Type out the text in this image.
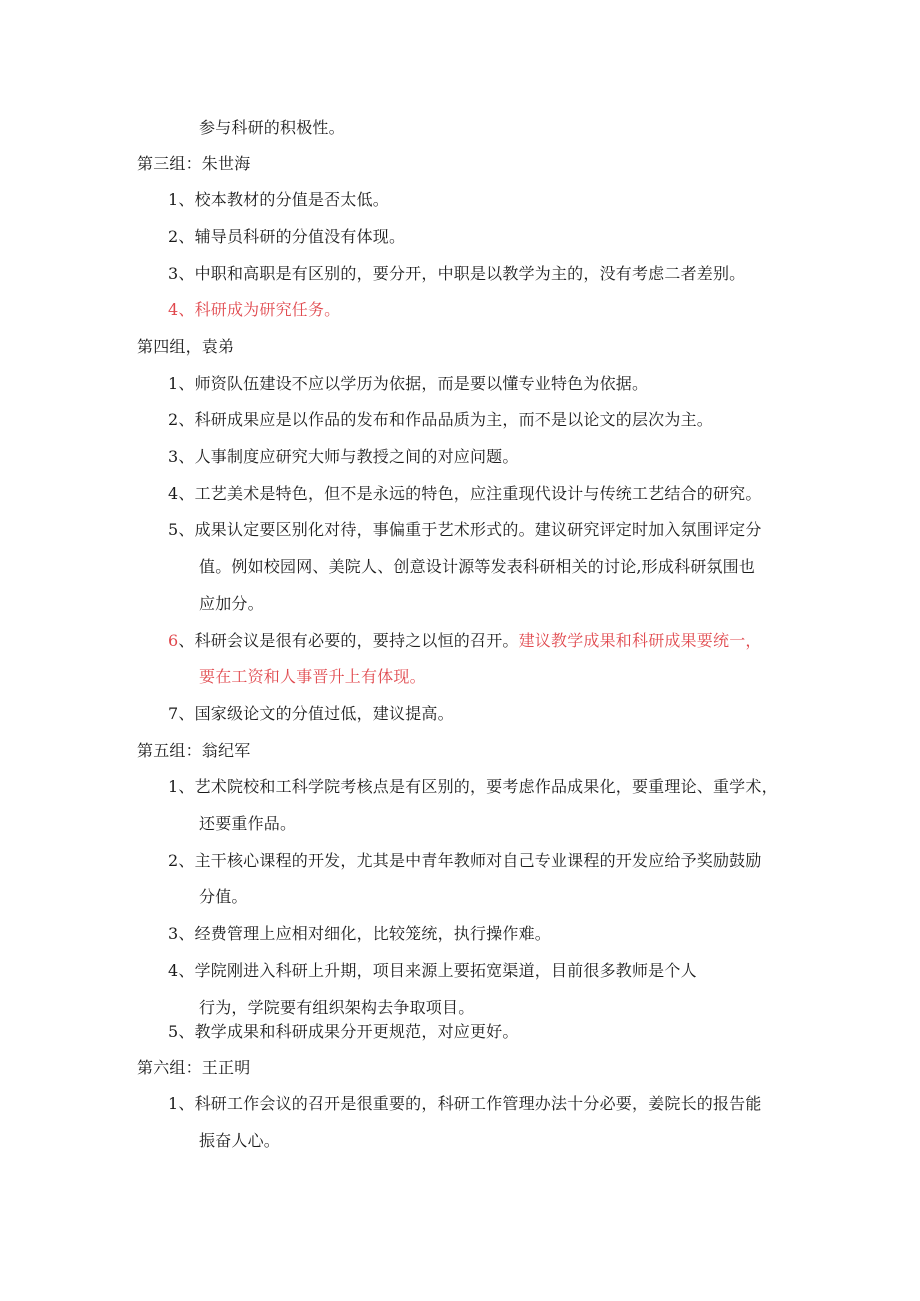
参与科研的积极性。
第三组：朱世海
1、校本教材的分值是否太低。
2、辅导员科研的分值没有体现。
3、中职和高职是有区别的，要分开，中职是以教学为主的，没有考虑二者差别。
4、科研成为研究任务。
第四组，袁弟
1、师资队伍建设不应以学历为依据，而是要以懂专业特色为依据。
2、科研成果应是以作品的发布和作品品质为主，而不是以论文的层次为主。
3、人事制度应研究大师与教授之间的对应问题。
4、工艺美术是特色，但不是永远的特色，应注重现代设计与传统工艺结合的研究。
5、成果认定要区别化对待，事偏重于艺术形式的。建议研究评定时加入氛围评定分
值。例如校园网、美院人、创意设计源等发表科研相关的讨论,形成科研氛围也
应加分。
6、科研会议是很有必要的，要持之以恒的召开。建议教学成果和科研成果要统一，
要在工资和人事晋升上有体现。
7、国家级论文的分值过低，建议提高。
第五组：翁纪军
1、艺术院校和工科学院考核点是有区别的，要考虑作品成果化，要重理论、重学术，
还要重作品。
2、主干核心课程的开发，尤其是中青年教师对自己专业课程的开发应给予奖励鼓励
分值。
3、经费管理上应相对细化，比较笼统，执行操作难。
4、学院刚进入科研上升期，项目来源上要拓宽渠道，目前很多教师是个人
行为，学院要有组织架构去争取项目。
5、教学成果和科研成果分开更规范，对应更好。
第六组：王正明
1、科研工作会议的召开是很重要的，科研工作管理办法十分必要，姜院长的报告能
振奋人心。
